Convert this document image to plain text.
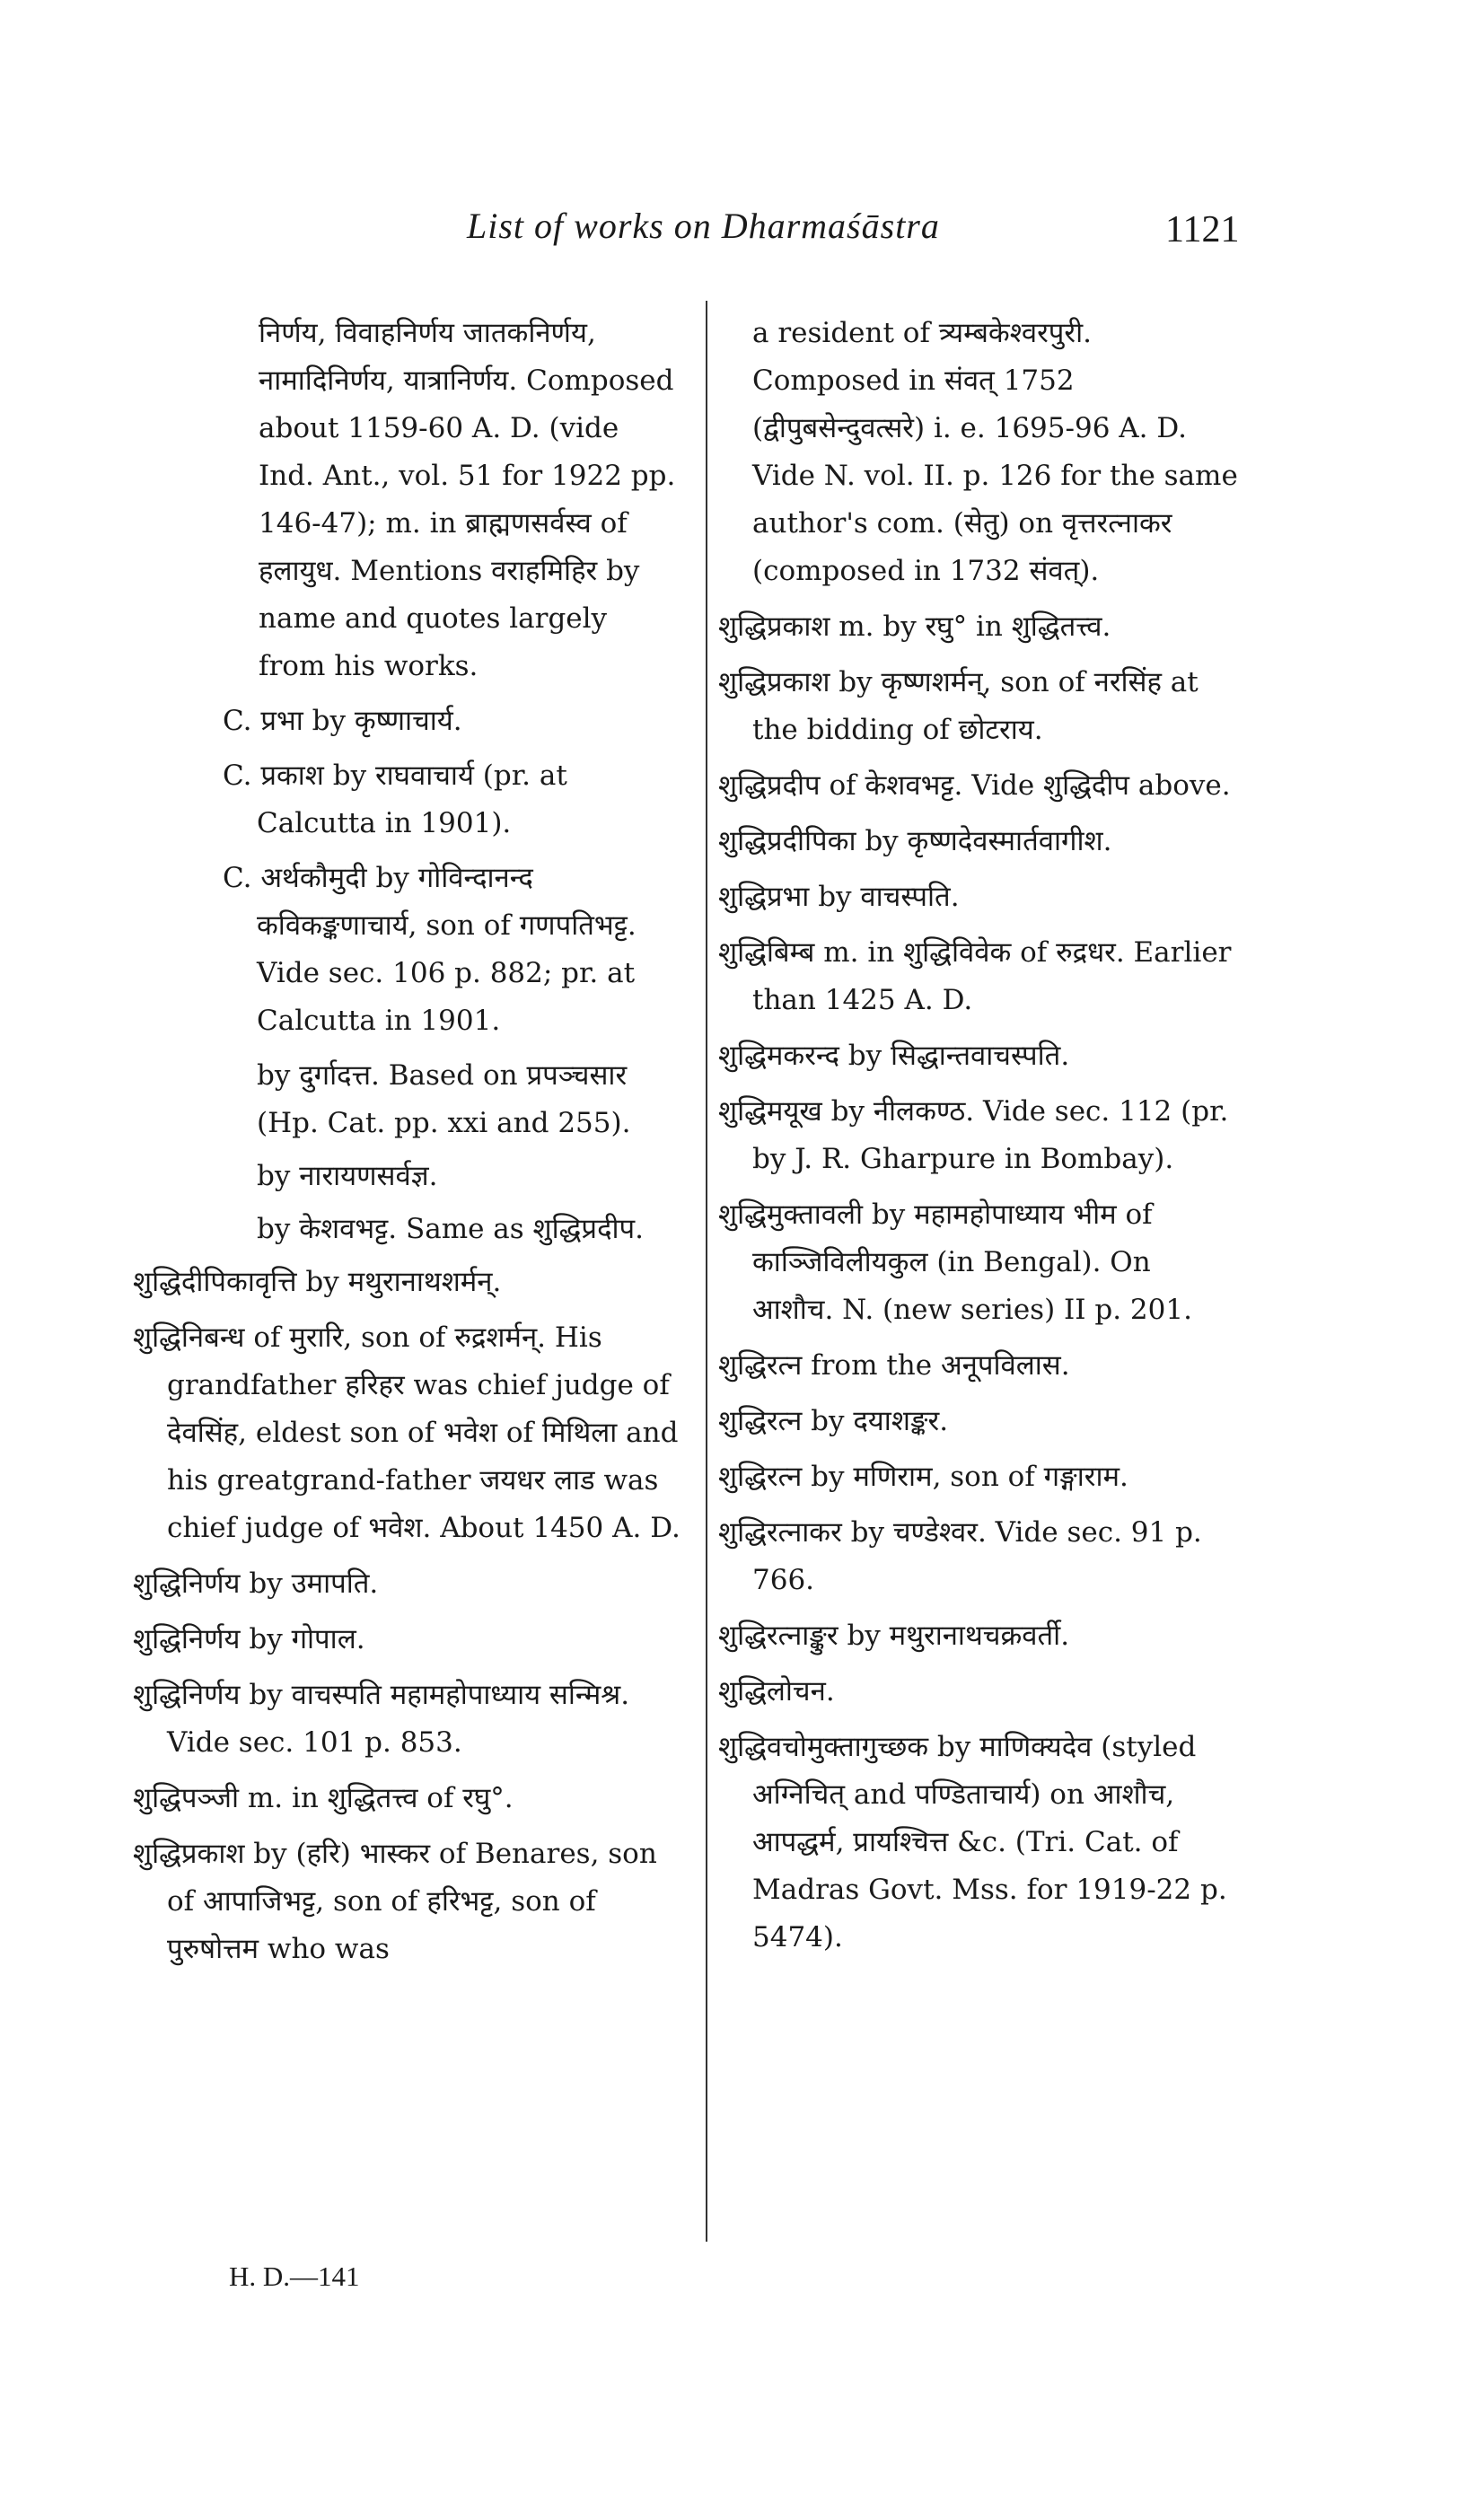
List of works on Dharmaśāstra	1121
निर्णय, विवाहनिर्णय जातकनिर्णय, नामादिनिर्णय, यात्रानिर्णय. Composed about 1159-60 A. D. (vide Ind. Ant., vol. 51 for 1922 pp. 146-47); m. in ब्राह्मणसर्वस्व of हलायुध. Mentions वराहमिहिर by name and quotes largely from his works.
C. प्रभा by कृष्णाचार्य.
C. प्रकाश by राघवाचार्य (pr. at Calcutta in 1901).
C. अर्थकौमुदी by गोविन्दानन्द कविकङ्कणाचार्य, son of गणपतिभट्ट. Vide sec. 106 p. 882; pr. at Calcutta in 1901.
by दुर्गादत्त. Based on प्रपञ्चसार (Hp. Cat. pp. xxi and 255).
by नारायणसर्वज्ञ.
by केशवभट्ट. Same as शुद्धिप्रदीप.
शुद्धिदीपिकावृत्ति by मथुरानाथशर्मन्.
शुद्धिनिबन्ध of मुरारि, son of रुद्रशर्मन्. His grandfather हरिहर was chief judge of देवसिंह, eldest son of भवेश of मिथिला and his greatgrand-father जयधर लाड was chief judge of भवेश. About 1450 A. D.
शुद्धिनिर्णय by उमापति.
शुद्धिनिर्णय by गोपाल.
शुद्धिनिर्णय by वाचस्पति महामहोपाध्याय सन्मिश्र. Vide sec. 101 p. 853.
शुद्धिपञ्जी m. in शुद्धितत्त्व of रघु°.
शुद्धिप्रकाश by (हरि) भास्कर of Benares, son of आपाजिभट्ट, son of हरिभट्ट, son of पुरुषोत्तम who was
a resident of त्र्यम्बकेश्वरपुरी. Composed in संवत् 1752 (द्वीपुबसेन्दुवत्सरे) i. e. 1695-96 A. D. Vide N. vol. II. p. 126 for the same author's com. (सेतु) on वृत्तरत्नाकर (composed in 1732 संवत्).
शुद्धिप्रकाश m. by रघु° in शुद्धितत्त्व.
शुद्धिप्रकाश by कृष्णशर्मन्, son of नरसिंह at the bidding of छोटराय.
शुद्धिप्रदीप of केशवभट्ट. Vide शुद्धिदीप above.
शुद्धिप्रदीपिका by कृष्णदेवस्मार्तवागीश.
शुद्धिप्रभा by वाचस्पति.
शुद्धिबिम्ब m. in शुद्धिविवेक of रुद्रधर. Earlier than 1425 A. D.
शुद्धिमकरन्द by सिद्धान्तवाचस्पति.
शुद्धिमयूख by नीलकण्ठ. Vide sec. 112 (pr. by J. R. Gharpure in Bombay).
शुद्धिमुक्तावली by महामहोपाध्याय भीम of काञ्जिविलीयकुल (in Bengal). On आशौच. N. (new series) II p. 201.
शुद्धिरत्न from the अनूपविलास.
शुद्धिरत्न by दयाशङ्कर.
शुद्धिरत्न by मणिराम, son of गङ्गाराम.
शुद्धिरत्नाकर by चण्डेश्वर. Vide sec. 91 p. 766.
शुद्धिरत्नाङ्कुर by मथुरानाथचक्रवर्ती.
शुद्धिलोचन.
शुद्धिवचोमुक्तागुच्छक by माणिक्यदेव (styled अग्निचित् and पण्डिताचार्य) on आशौच, आपद्धर्म, प्रायश्चित्त &c. (Tri. Cat. of Madras Govt. Mss. for 1919-22 p. 5474).
H. D.—141
